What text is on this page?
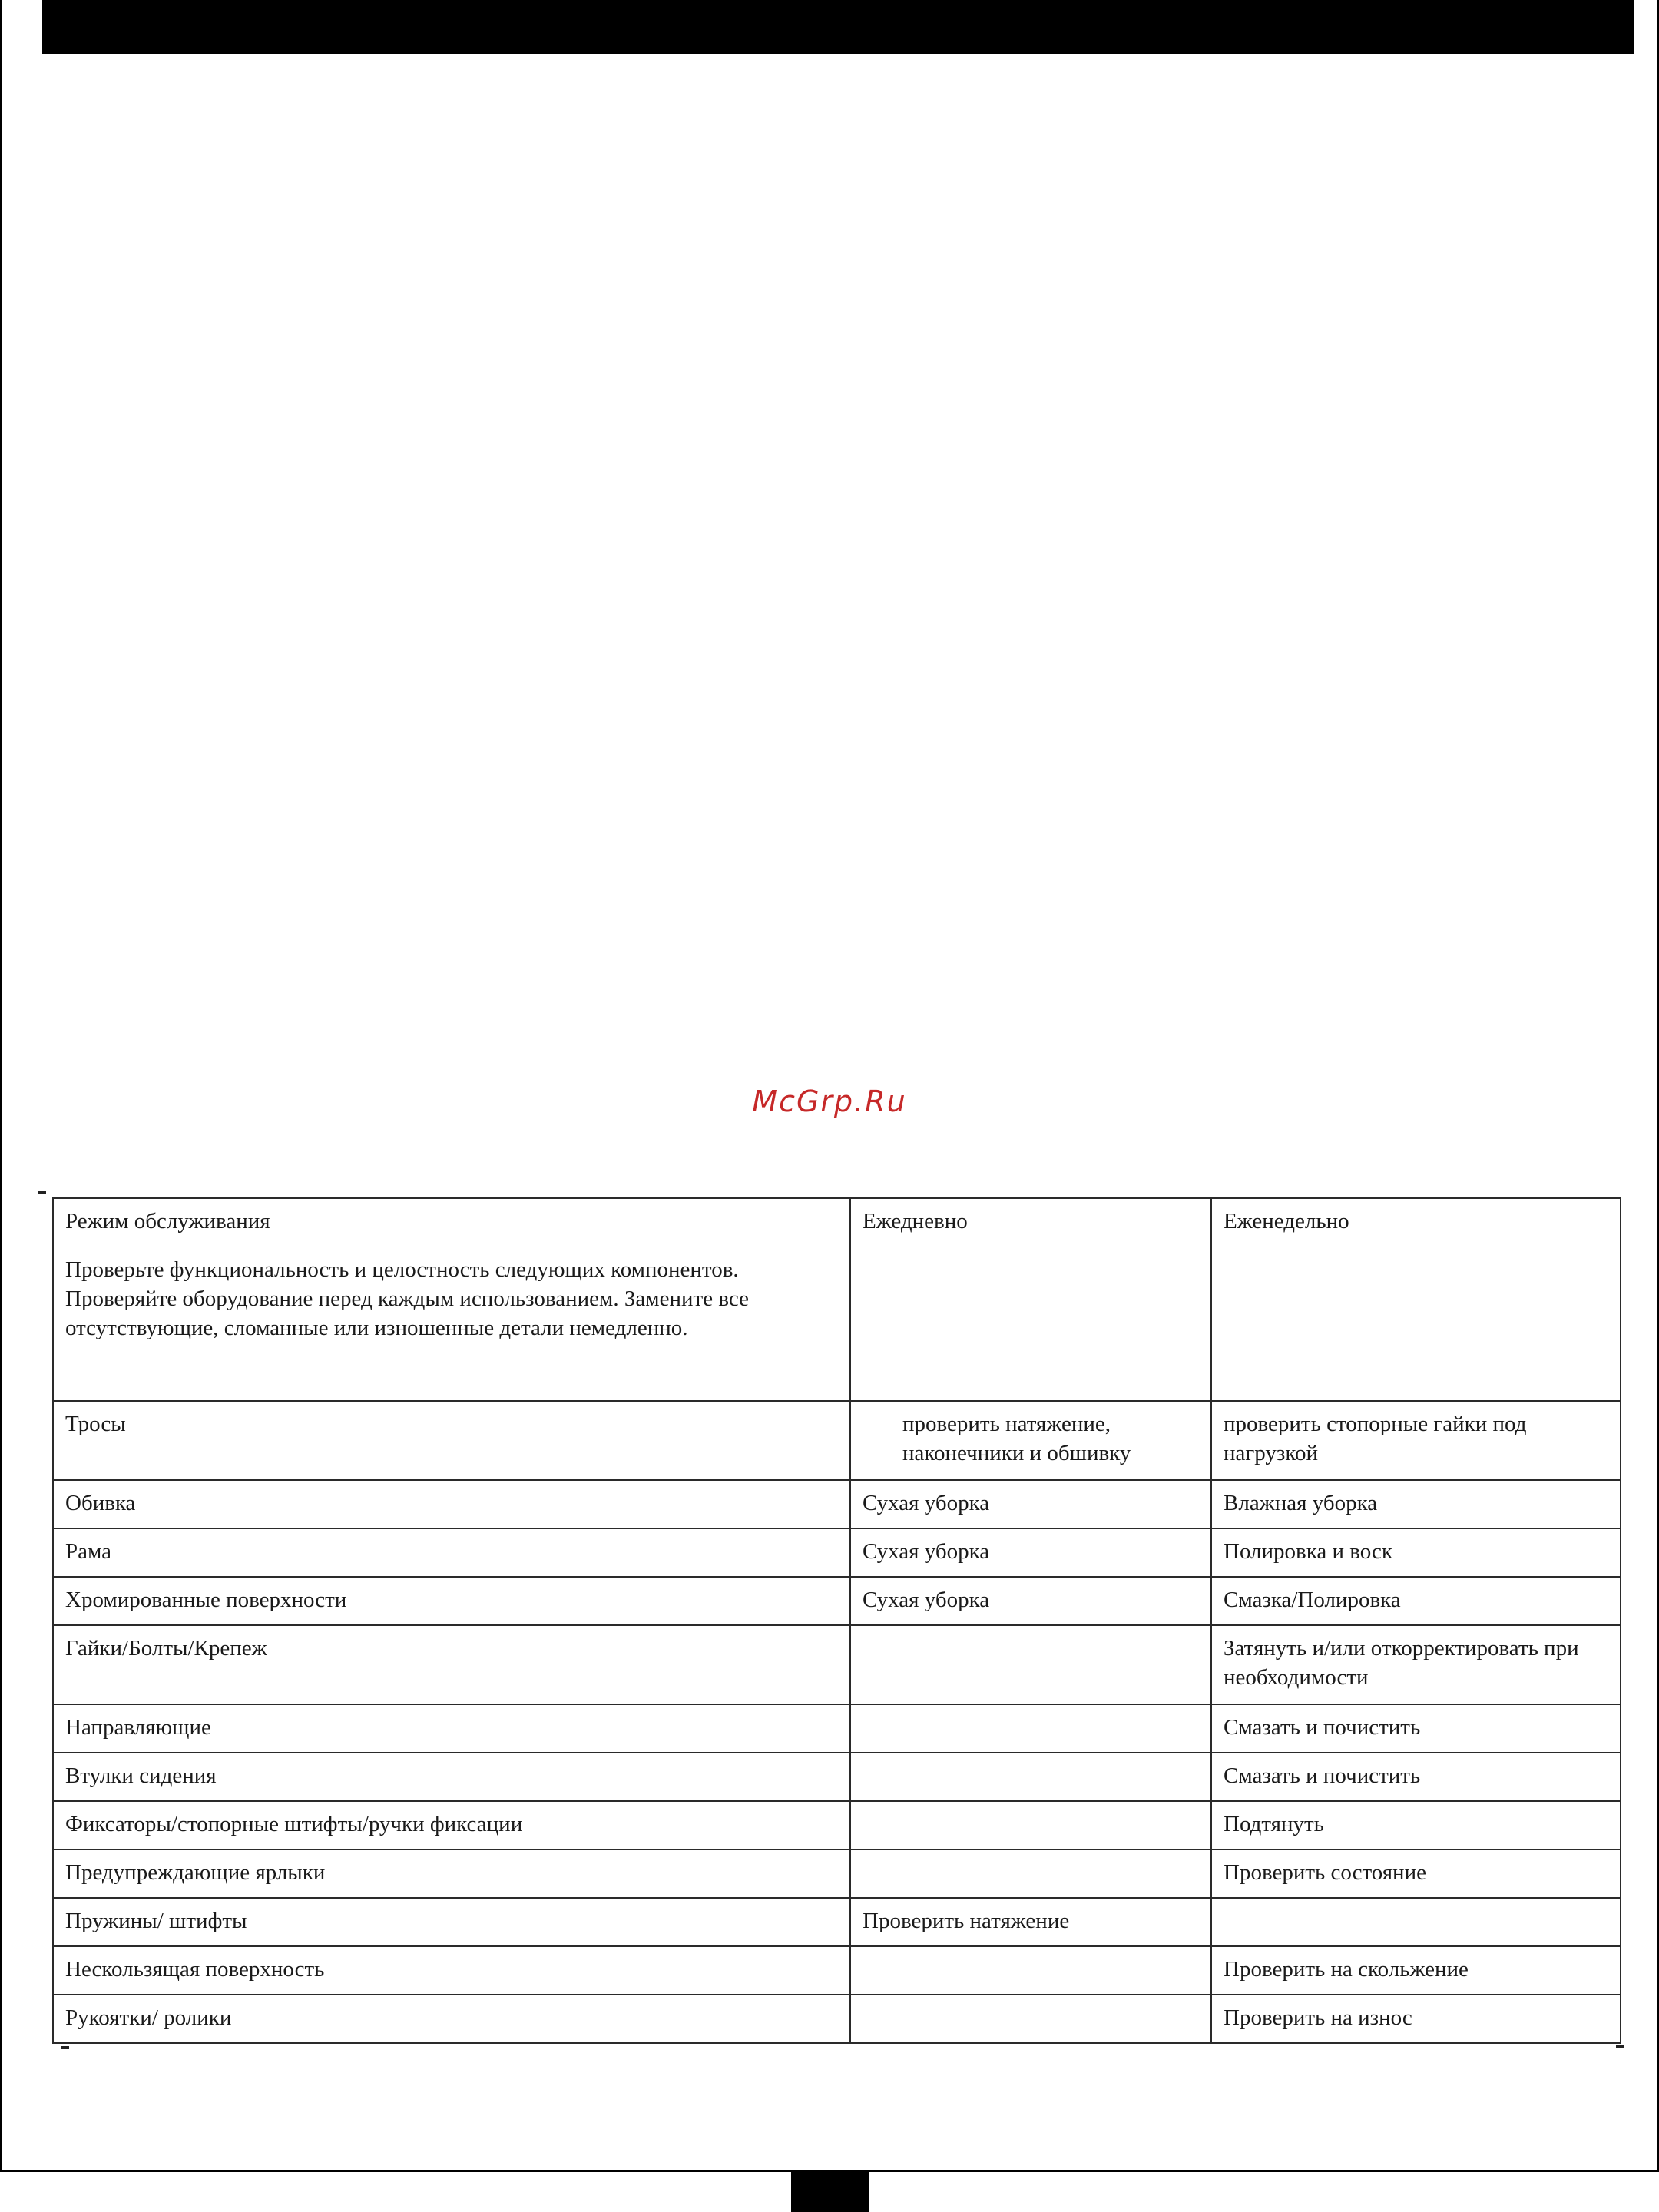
McGrp.Ru
Режим обслуживания
Проверьте функциональность и целостность следующих компонентов. Проверяйте оборудование перед каждым использованием. Замените все отсутствующие, сломанные или изношенные детали немедленно.	Ежедневно	Еженедельно
Тросы	проверить натяжение, наконечники и обшивку	проверить стопорные гайки под нагрузкой
Обивка	Сухая уборка	Влажная уборка
Рама	Сухая уборка	Полировка и воск
Хромированные поверхности	Сухая уборка	Смазка/Полировка
Гайки/Болты/Крепеж		Затянуть и/или откорректировать при необходимости
Направляющие		Смазать и почистить
Втулки сидения		Смазать и почистить
Фиксаторы/стопорные штифты/ручки фиксации		Подтянуть
Предупреждающие ярлыки		Проверить состояние
Пружины/ штифты	Проверить натяжение	
Нескользящая поверхность		Проверить на скольжение
Рукоятки/ ролики		Проверить на износ
